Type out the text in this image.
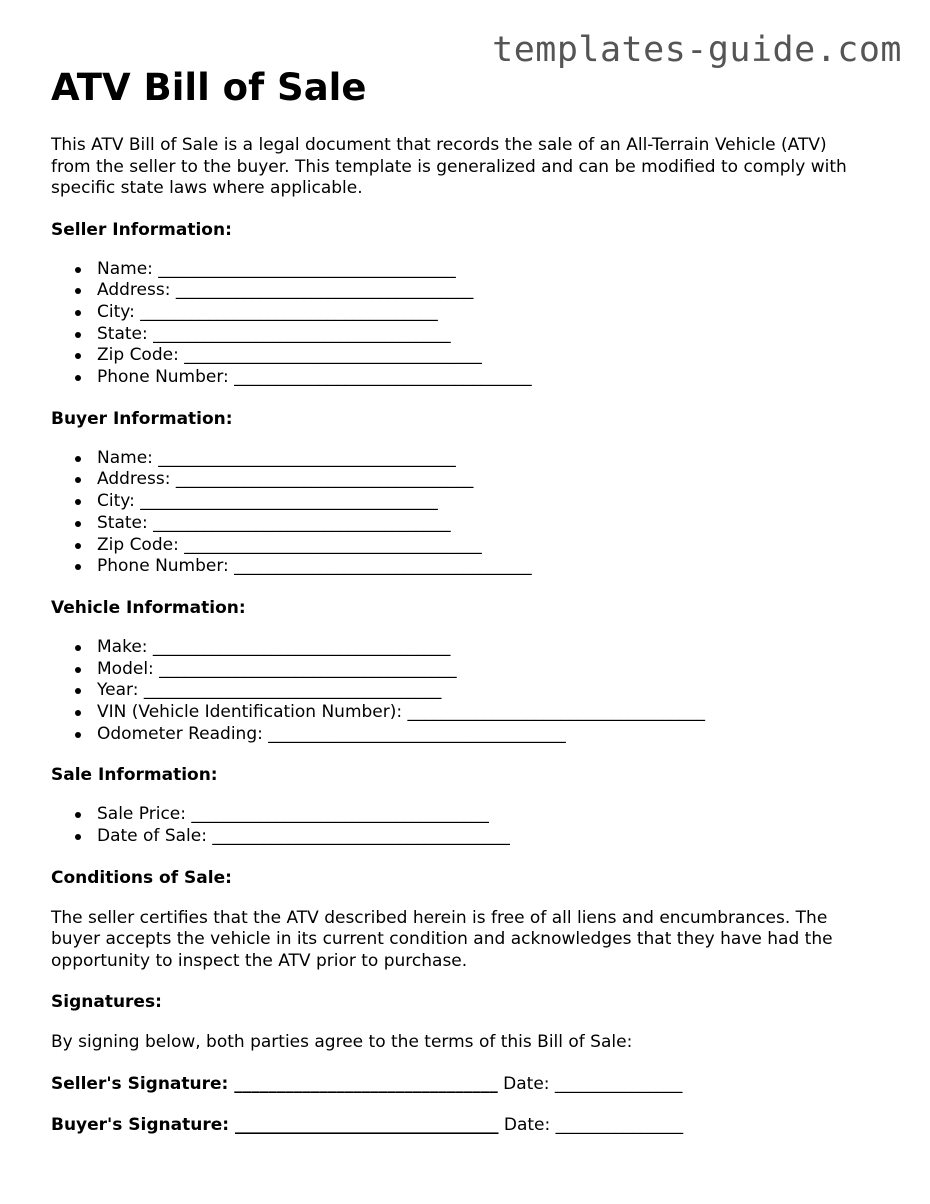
templates-guide.com
ATV Bill of Sale

This ATV Bill of Sale is a legal document that records the sale of an All-Terrain Vehicle (ATV) from the seller to the buyer. This template is generalized and can be modified to comply with specific state laws where applicable.

Seller Information:
Name: ___________________________________
Address: ___________________________________
City: ___________________________________
State: ___________________________________
Zip Code: ___________________________________
Phone Number: ___________________________________
Buyer Information:
Name: ___________________________________
Address: ___________________________________
City: ___________________________________
State: ___________________________________
Zip Code: ___________________________________
Phone Number: ___________________________________
Vehicle Information:
Make: ___________________________________
Model: ___________________________________
Year: ___________________________________
VIN (Vehicle Identification Number): ___________________________________
Odometer Reading: ___________________________________
Sale Information:
Sale Price: ___________________________________
Date of Sale: ___________________________________
Conditions of Sale:

The seller certifies that the ATV described herein is free of all liens and encumbrances. The buyer accepts the vehicle in its current condition and acknowledges that they have had the opportunity to inspect the ATV prior to purchase.

Signatures:

By signing below, both parties agree to the terms of this Bill of Sale:

Seller's Signature: _______________________________ Date: _______________
Buyer's Signature: _______________________________ Date: _______________
